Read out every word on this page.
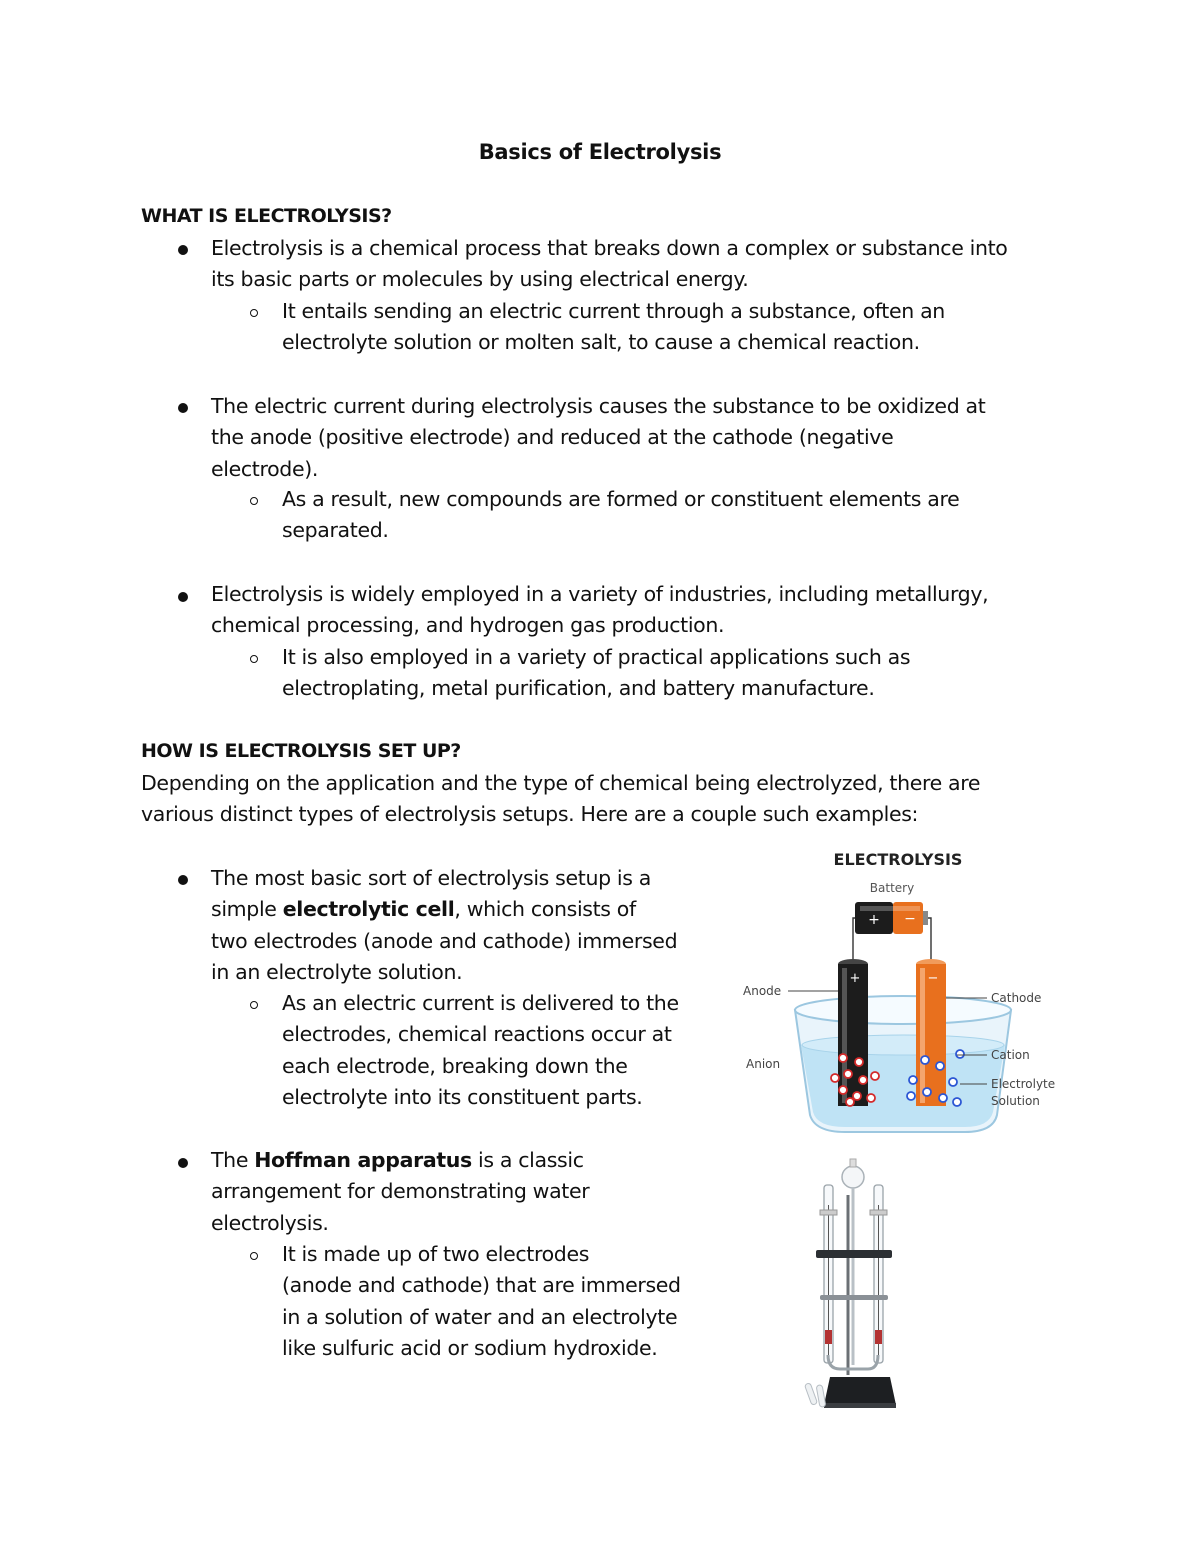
Basics of Electrolysis
WHAT IS ELECTROLYSIS?
Electrolysis is a chemical process that breaks down a complex or substance into
its basic parts or molecules by using electrical energy.
It entails sending an electric current through a substance, often an
electrolyte solution or molten salt, to cause a chemical reaction.
The electric current during electrolysis causes the substance to be oxidized at
the anode (positive electrode) and reduced at the cathode (negative
electrode).
As a result, new compounds are formed or constituent elements are
separated.
Electrolysis is widely employed in a variety of industries, including metallurgy,
chemical processing, and hydrogen gas production.
It is also employed in a variety of practical applications such as
electroplating, metal purification, and battery manufacture.
HOW IS ELECTROLYSIS SET UP?
Depending on the application and the type of chemical being electrolyzed, there are
various distinct types of electrolysis setups. Here are a couple such examples:
The most basic sort of electrolysis setup is a
simple electrolytic cell, which consists of
two electrodes (anode and cathode) immersed
in an electrolyte solution.
As an electric current is delivered to the
electrodes, chemical reactions occur at
each electrode, breaking down the
electrolyte into its constituent parts.
The Hoffman apparatus is a classic
arrangement for demonstrating water
electrolysis.
It is made up of two electrodes
(anode and cathode) that are immersed
in a solution of water and an electrolyte
like sulfuric acid or sodium hydroxide.
ELECTROLYSIS
Battery
+ −
+	−
Anode
Anion
Cathode
Cation
Electrolyte
Solution
